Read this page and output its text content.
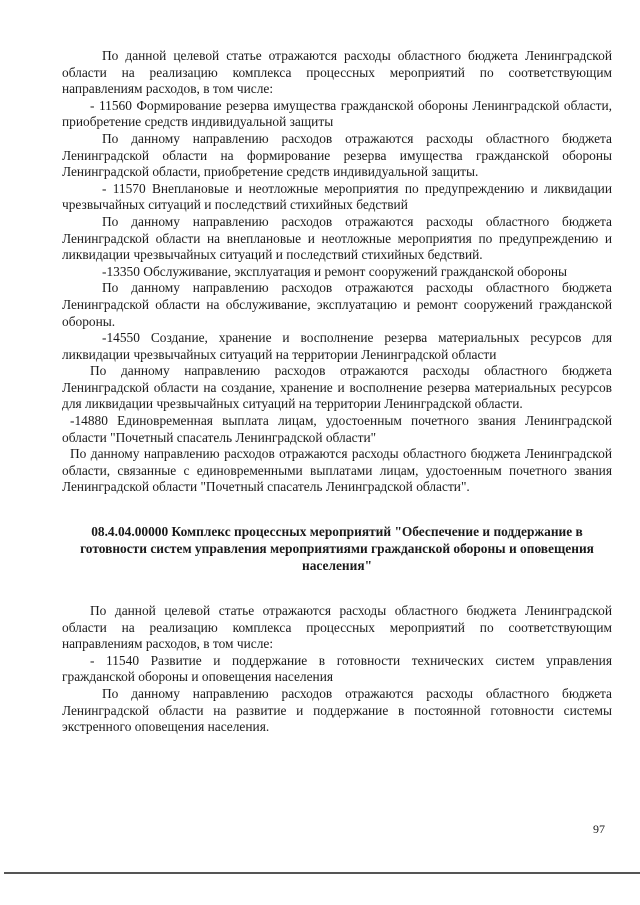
По данной целевой статье отражаются расходы областного бюджета Ленинградской области на реализацию комплекса процессных мероприятий по соответствующим направлениям расходов, в том числе:

- 11560 Формирование резерва имущества гражданской обороны Ленинградской области, приобретение средств индивидуальной защиты

По данному направлению расходов отражаются расходы областного бюджета Ленинградской области на формирование резерва имущества гражданской обороны Ленинградской области, приобретение средств индивидуальной защиты.

- 11570 Внеплановые и неотложные мероприятия по предупреждению и ликвидации чрезвычайных ситуаций и последствий стихийных бедствий

По данному направлению расходов отражаются расходы областного бюджета Ленинградской области на внеплановые и неотложные мероприятия по предупреждению и ликвидации чрезвычайных ситуаций и последствий стихийных бедствий.

-13350 Обслуживание, эксплуатация и ремонт сооружений гражданской обороны

По данному направлению расходов отражаются расходы областного бюджета Ленинградской области на обслуживание, эксплуатацию и ремонт сооружений гражданской обороны.

-14550 Создание, хранение и восполнение резерва материальных ресурсов для ликвидации чрезвычайных ситуаций на территории Ленинградской области

По данному направлению расходов отражаются расходы областного бюджета Ленинградской области на создание, хранение и восполнение резерва материальных ресурсов для ликвидации чрезвычайных ситуаций на территории Ленинградской области.

-14880 Единовременная выплата лицам, удостоенным почетного звания Ленинградской области "Почетный спасатель Ленинградской области"

По данному направлению расходов отражаются расходы областного бюджета Ленинградской области, связанные с единовременными выплатами лицам, удостоенным почетного звания Ленинградской области "Почетный спасатель Ленинградской области".

08.4.04.00000 Комплекс процессных мероприятий "Обеспечение и поддержание в готовности систем управления мероприятиями гражданской обороны и оповещения населения"

По данной целевой статье отражаются расходы областного бюджета Ленинградской области на реализацию комплекса процессных мероприятий по соответствующим направлениям расходов, в том числе:

- 11540 Развитие и поддержание в готовности технических систем управления гражданской обороны и оповещения населения

По данному направлению расходов отражаются расходы областного бюджета Ленинградской области на развитие и поддержание в постоянной готовности системы экстренного оповещения населения.

97
